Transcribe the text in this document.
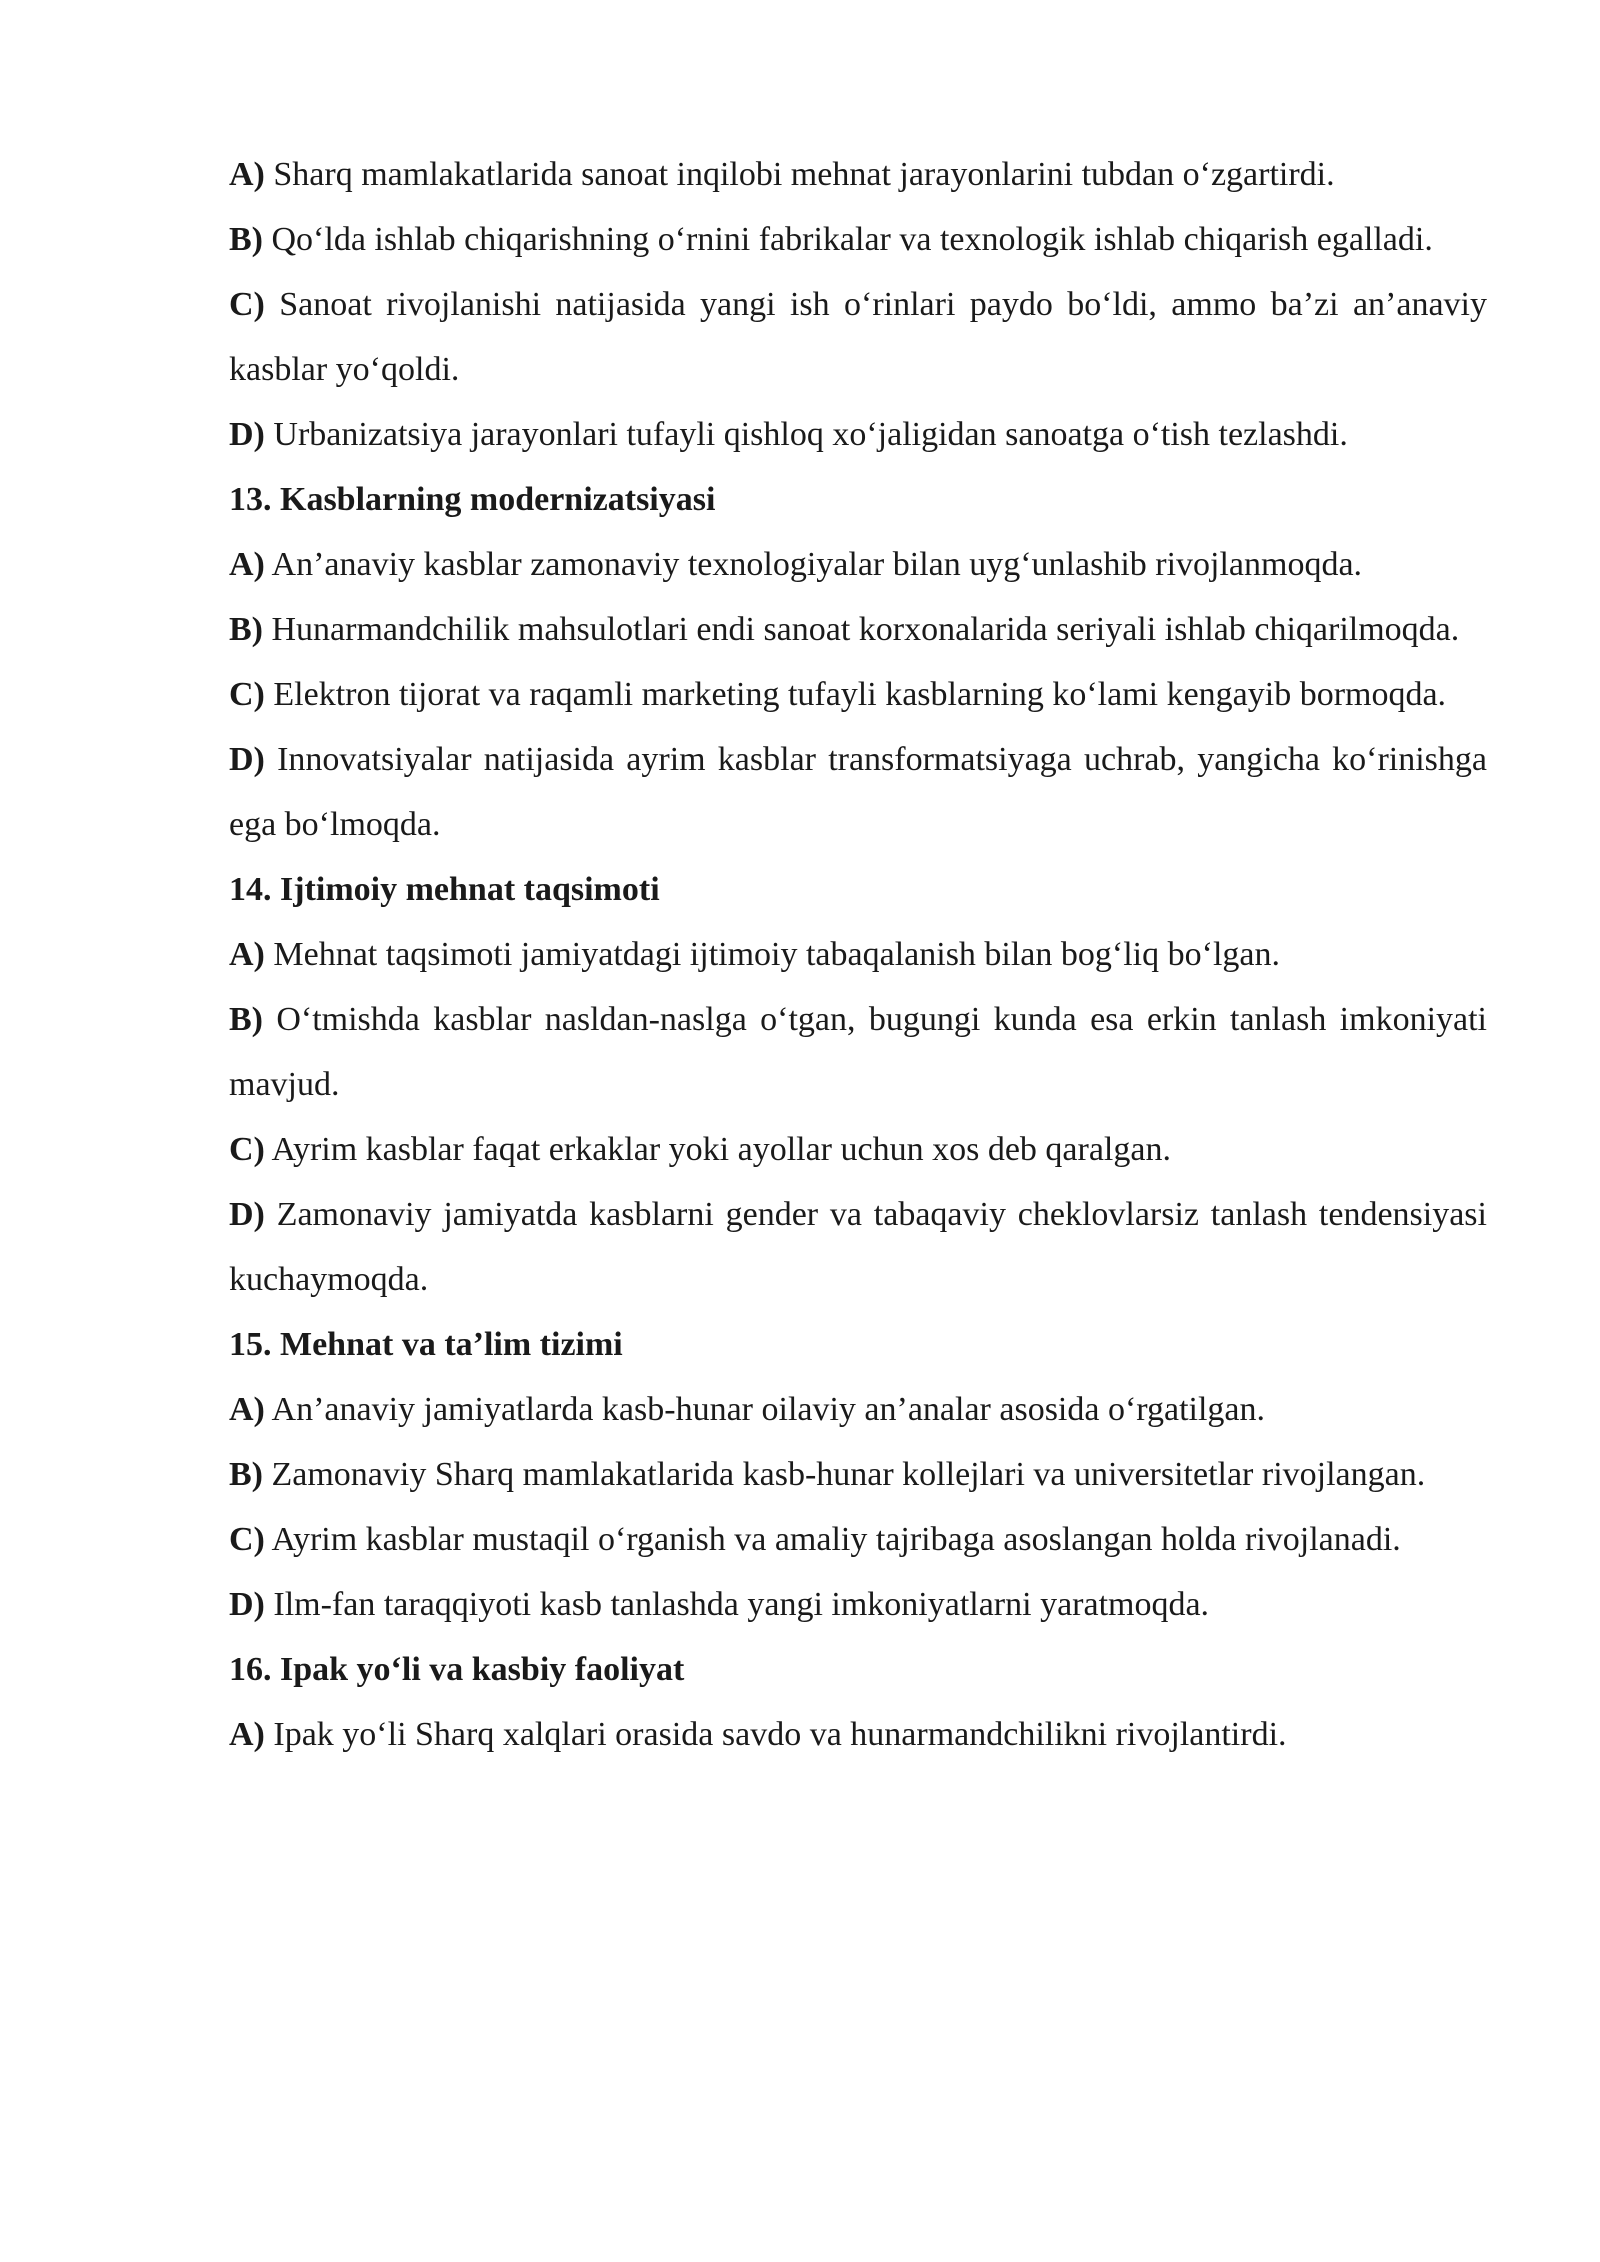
A) Sharq mamlakatlarida sanoat inqilobi mehnat jarayonlarini tubdan o‘zgartirdi.

B) Qo‘lda ishlab chiqarishning o‘rnini fabrikalar va texnologik ishlab chiqarish egalladi.

C) Sanoat rivojlanishi natijasida yangi ish o‘rinlari paydo bo‘ldi, ammo ba’zi an’anaviy kasblar yo‘qoldi.

D) Urbanizatsiya jarayonlari tufayli qishloq xo‘jaligidan sanoatga o‘tish tezlashdi.

13. Kasblarning modernizatsiyasi

A) An’anaviy kasblar zamonaviy texnologiyalar bilan uyg‘unlashib rivojlanmoqda.

B) Hunarmandchilik mahsulotlari endi sanoat korxonalarida seriyali ishlab chiqarilmoqda.

C) Elektron tijorat va raqamli marketing tufayli kasblarning ko‘lami kengayib bormoqda.

D) Innovatsiyalar natijasida ayrim kasblar transformatsiyaga uchrab, yangicha ko‘rinishga ega bo‘lmoqda.

14. Ijtimoiy mehnat taqsimoti

A) Mehnat taqsimoti jamiyatdagi ijtimoiy tabaqalanish bilan bog‘liq bo‘lgan.

B) O‘tmishda kasblar nasldan-naslga o‘tgan, bugungi kunda esa erkin tanlash imkoniyati mavjud.

C) Ayrim kasblar faqat erkaklar yoki ayollar uchun xos deb qaralgan.

D) Zamonaviy jamiyatda kasblarni gender va tabaqaviy cheklovlarsiz tanlash tendensiyasi kuchaymoqda.

15. Mehnat va ta’lim tizimi

A) An’anaviy jamiyatlarda kasb-hunar oilaviy an’analar asosida o‘rgatilgan.

B) Zamonaviy Sharq mamlakatlarida kasb-hunar kollejlari va universitetlar rivojlangan.

C) Ayrim kasblar mustaqil o‘rganish va amaliy tajribaga asoslangan holda rivojlanadi.

D) Ilm-fan taraqqiyoti kasb tanlashda yangi imkoniyatlarni yaratmoqda.

16. Ipak yo‘li va kasbiy faoliyat

A) Ipak yo‘li Sharq xalqlari orasida savdo va hunarmandchilikni rivojlantirdi.
